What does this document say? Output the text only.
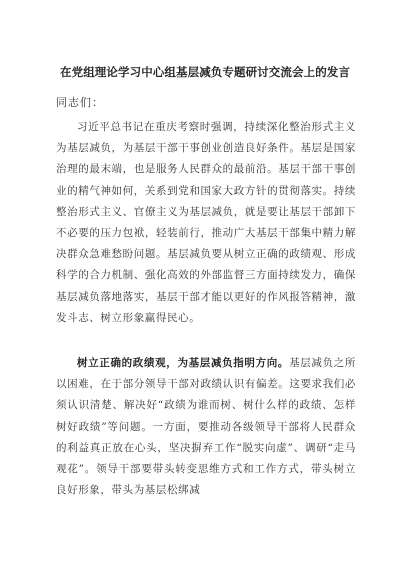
在党组理论学习中心组基层减负专题研讨交流会上的发言
同志们：

习近平总书记在重庆考察时强调，持续深化整治形式主义为基层减负，为基层干部干事创业创造良好条件。基层是国家治理的最末端，也是服务人民群众的最前沿。基层干部干事创业的精气神如何，关系到党和国家大政方针的贯彻落实。持续整治形式主义、官僚主义为基层减负，就是要让基层干部卸下不必要的压力包袱，轻装前行，推动广大基层干部集中精力解决群众急难愁盼问题。基层减负要从树立正确的政绩观、形成科学的合力机制、强化高效的外部监督三方面持续发力，确保基层减负落地落实，基层干部才能以更好的作风报答精神，激发斗志、树立形象赢得民心。

树立正确的政绩观，为基层减负指明方向。基层减负之所以困难，在于部分领导干部对政绩认识有偏差。这要求我们必须认识清楚、解决好“政绩为谁而树、树什么样的政绩、怎样树好政绩”等问题。一方面，要推动各级领导干部将人民群众的利益真正放在心头，坚决摒弃工作“脱实向虚”、调研“走马观花”。领导干部要带头转变思维方式和工作方式，带头树立良好形象，带头为基层松绑减
